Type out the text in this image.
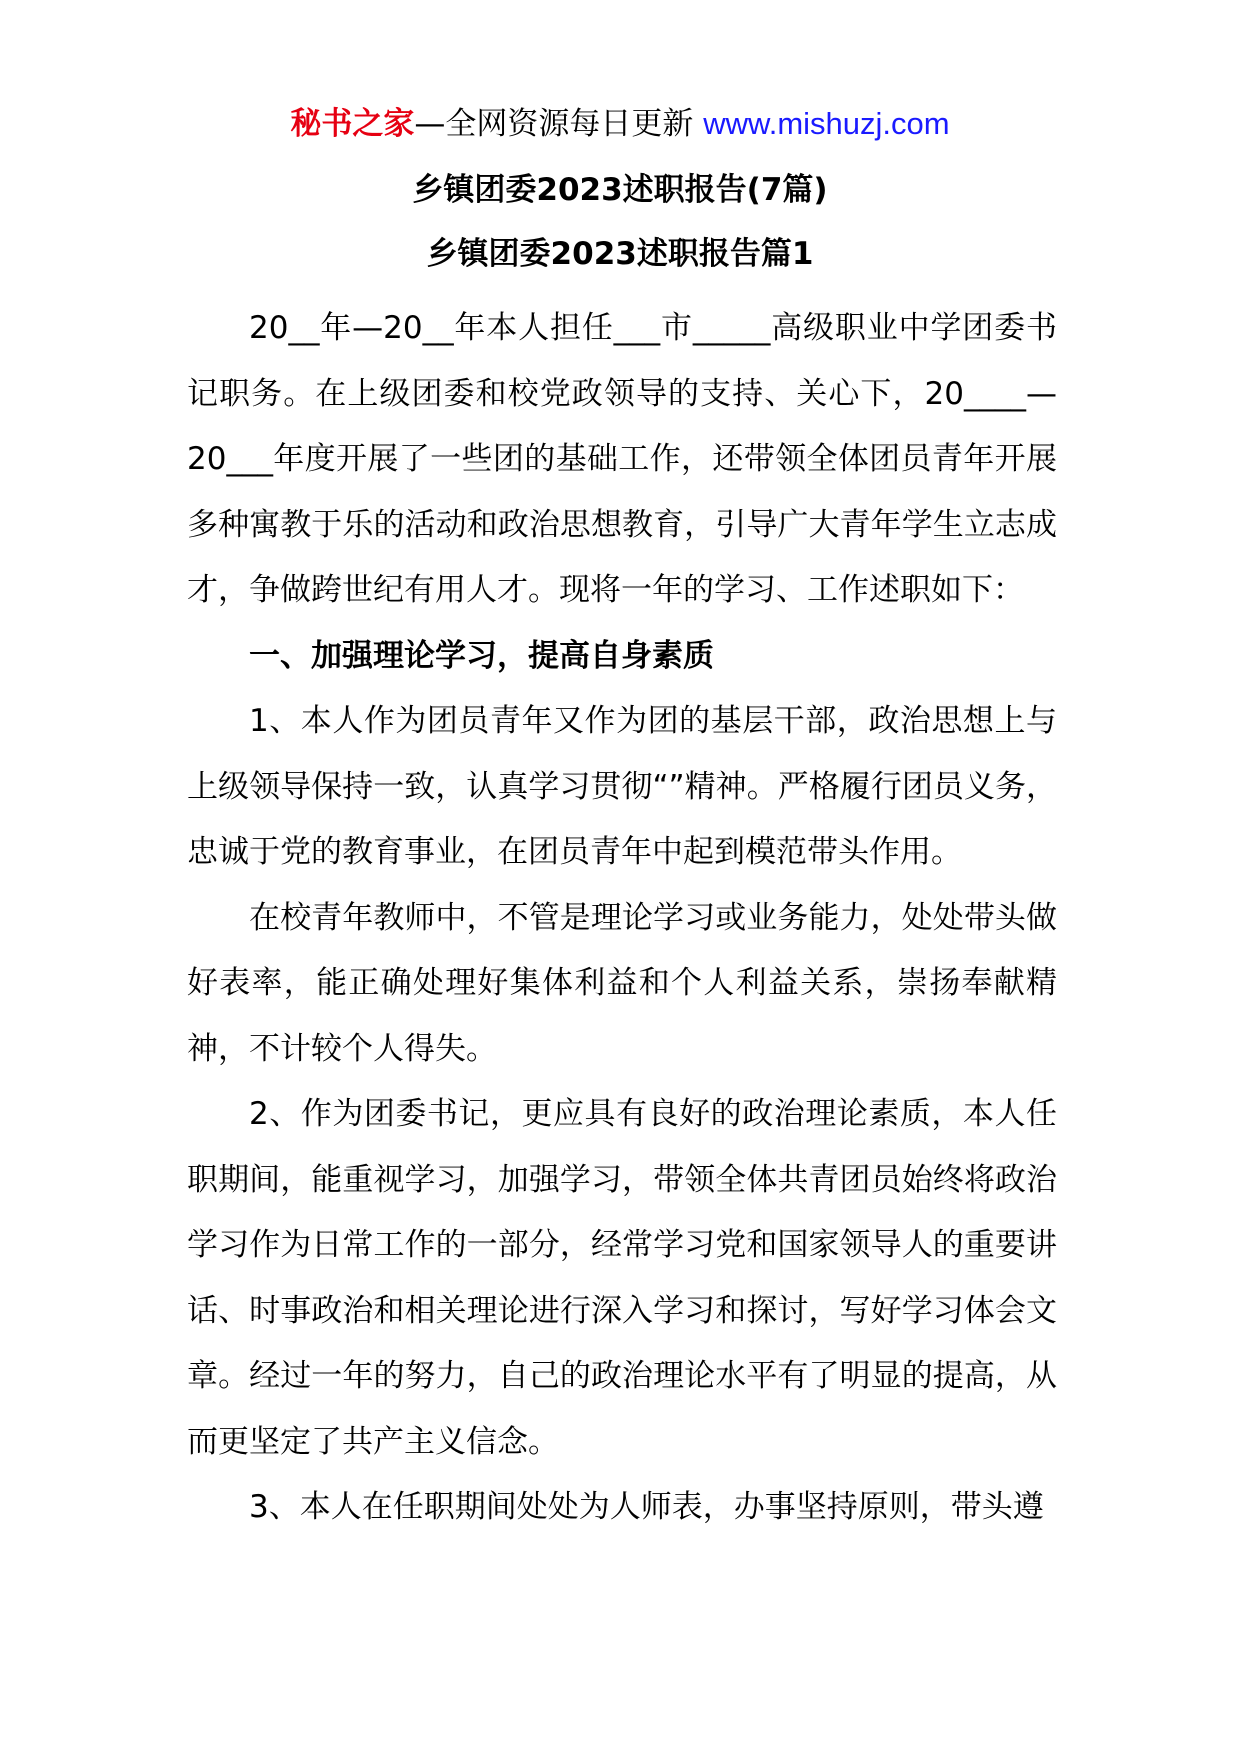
秘书之家—全网资源每日更新 www.mishuzj.com
乡镇团委2023述职报告(7篇)
乡镇团委2023述职报告篇1

20__年—20__年本人担任___市_____高级职业中学团委书记职务。在上级团委和校党政领导的支持、关心下，20____—20___年度开展了一些团的基础工作，还带领全体团员青年开展多种寓教于乐的活动和政治思想教育，引导广大青年学生立志成才，争做跨世纪有用人才。现将一年的学习、工作述职如下：

一、加强理论学习，提高自身素质

1、本人作为团员青年又作为团的基层干部，政治思想上与上级领导保持一致，认真学习贯彻“”精神。严格履行团员义务，忠诚于党的教育事业，在团员青年中起到模范带头作用。

在校青年教师中，不管是理论学习或业务能力，处处带头做好表率，能正确处理好集体利益和个人利益关系，崇扬奉献精神，不计较个人得失。

2、作为团委书记，更应具有良好的政治理论素质，本人任职期间，能重视学习，加强学习，带领全体共青团员始终将政治学习作为日常工作的一部分，经常学习党和国家领导人的重要讲话、时事政治和相关理论进行深入学习和探讨，写好学习体会文章。经过一年的努力，自己的政治理论水平有了明显的提高，从而更坚定了共产主义信念。

3、本人在任职期间处处为人师表，办事坚持原则，带头遵
